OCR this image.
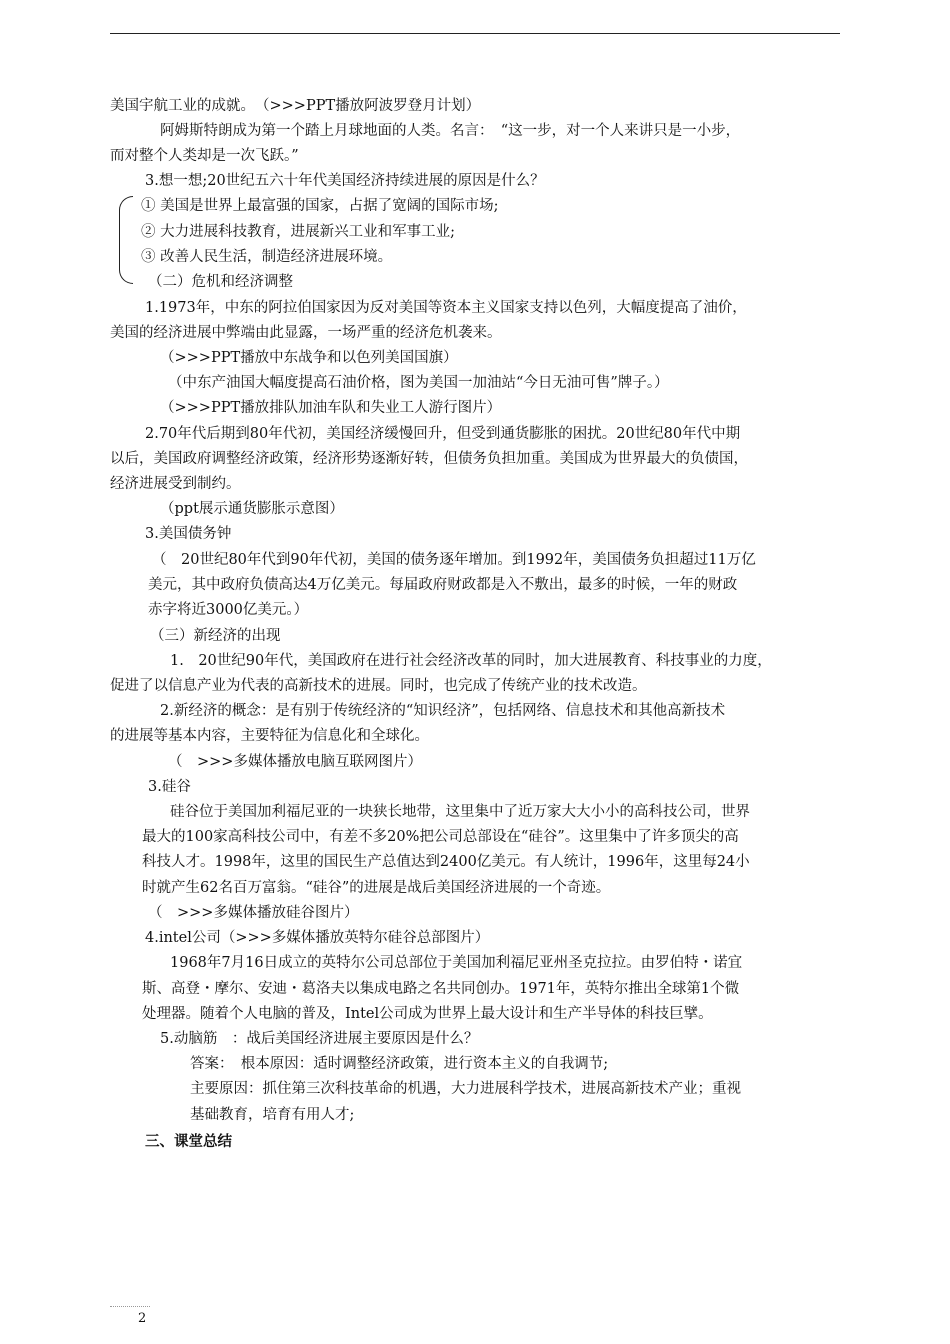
美国宇航工业的成就。　（>>>PPT播放阿波罗登月计划）
阿姆斯特朗成为第一个踏上月球地面的人类。名言：　“这一步，对一个人来讲只是一小步，
而对整个人类却是一次飞跃。”
3.想一想;20世纪五六十年代美国经济持续进展的原因是什么？
① 美国是世界上最富强的国家，占据了宽阔的国际市场;
② 大力进展科技教育，进展新兴工业和军事工业;
③ 改善人民生活，制造经济进展环境。
（二）危机和经济调整
1.1973年，中东的阿拉伯国家因为反对美国等资本主义国家支持以色列，大幅度提高了油价，
美国的经济进展中弊端由此显露，一场严重的经济危机袭来。
（>>>PPT播放中东战争和以色列美国国旗）
（中东产油国大幅度提高石油价格，图为美国一加油站“今日无油可售”牌子。）
（>>>PPT播放排队加油车队和失业工人游行图片）
2.70年代后期到80年代初，美国经济缓慢回升，但受到通货膨胀的困扰。20世纪80年代中期
以后，美国政府调整经济政策，经济形势逐渐好转，但债务负担加重。美国成为世界最大的负债国，
经济进展受到制约。
（ppt展示通货膨胀示意图）
3.美国债务钟
（　20世纪80年代到90年代初，美国的债务逐年增加。到1992年，美国债务负担超过11万亿
美元，其中政府负债高达4万亿美元。每届政府财政都是入不敷出，最多的时候，一年的财政
赤字将近3000亿美元。）
（三）新经济的出现
1.　20世纪90年代，美国政府在进行社会经济改革的同时，加大进展教育、科技事业的力度，
促进了以信息产业为代表的高新技术的进展。同时，也完成了传统产业的技术改造。
2.新经济的概念：是有别于传统经济的“知识经济”，包括网络、信息技术和其他高新技术
的进展等基本内容，主要特征为信息化和全球化。
（　>>>多媒体播放电脑互联网图片）
3.硅谷
硅谷位于美国加利福尼亚的一块狭长地带，这里集中了近万家大大小小的高科技公司，世界
最大的100家高科技公司中，有差不多20%把公司总部设在“硅谷”。这里集中了许多顶尖的高
科技人才。1998年，这里的国民生产总值达到2400亿美元。有人统计，1996年，这里每24小
时就产生62名百万富翁。“硅谷”的进展是战后美国经济进展的一个奇迹。
（　>>>多媒体播放硅谷图片）
4.intel公司（>>>多媒体播放英特尔硅谷总部图片）
1968年7月16日成立的英特尔公司总部位于美国加利福尼亚州圣克拉拉。由罗伯特・诺宜
斯、高登・摩尔、安迪・葛洛夫以集成电路之名共同创办。1971年，英特尔推出全球第1个微
处理器。随着个人电脑的普及，Intel公司成为世界上最大设计和生产半导体的科技巨擘。
5.动脑筋　：战后美国经济进展主要原因是什么？
答案：　根本原因：适时调整经济政策，进行资本主义的自我调节;
主要原因：抓住第三次科技革命的机遇，大力进展科学技术，进展高新技术产业；重视
基础教育，培育有用人才;
三、课堂总结
2
